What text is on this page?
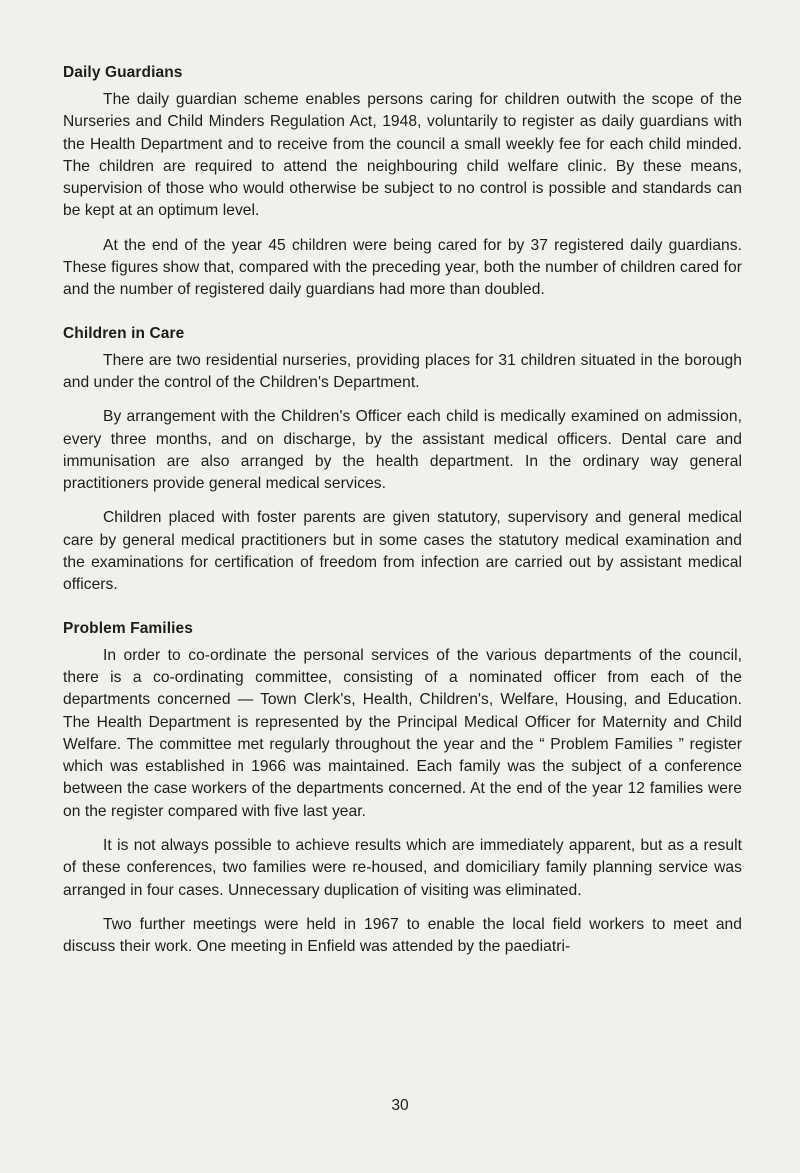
Daily Guardians

The daily guardian scheme enables persons caring for children outwith the scope of the Nurseries and Child Minders Regulation Act, 1948, voluntarily to register as daily guardians with the Health Department and to receive from the council a small weekly fee for each child minded. The children are required to attend the neighbouring child welfare clinic. By these means, supervision of those who would otherwise be subject to no control is possible and standards can be kept at an optimum level.

At the end of the year 45 children were being cared for by 37 registered daily guardians. These figures show that, compared with the preceding year, both the number of children cared for and the number of registered daily guardians had more than doubled.

Children in Care

There are two residential nurseries, providing places for 31 children situated in the borough and under the control of the Children's Department.

By arrangement with the Children's Officer each child is medically examined on admission, every three months, and on discharge, by the assistant medical officers. Dental care and immunisation are also arranged by the health department. In the ordinary way general practitioners provide general medical services.

Children placed with foster parents are given statutory, supervisory and general medical care by general medical practitioners but in some cases the statutory medical examination and the examinations for certification of freedom from infection are carried out by assistant medical officers.

Problem Families

In order to co-ordinate the personal services of the various departments of the council, there is a co-ordinating committee, consisting of a nominated officer from each of the departments concerned — Town Clerk's, Health, Children's, Welfare, Housing, and Education. The Health Department is represented by the Principal Medical Officer for Maternity and Child Welfare. The committee met regularly throughout the year and the “ Problem Families ” register which was established in 1966 was maintained. Each family was the subject of a conference between the case workers of the departments concerned. At the end of the year 12 families were on the register compared with five last year.

It is not always possible to achieve results which are immediately apparent, but as a result of these conferences, two families were re-housed, and domiciliary family planning service was arranged in four cases. Unnecessary duplication of visiting was eliminated.

Two further meetings were held in 1967 to enable the local field workers to meet and discuss their work. One meeting in Enfield was attended by the paediatri-

30
